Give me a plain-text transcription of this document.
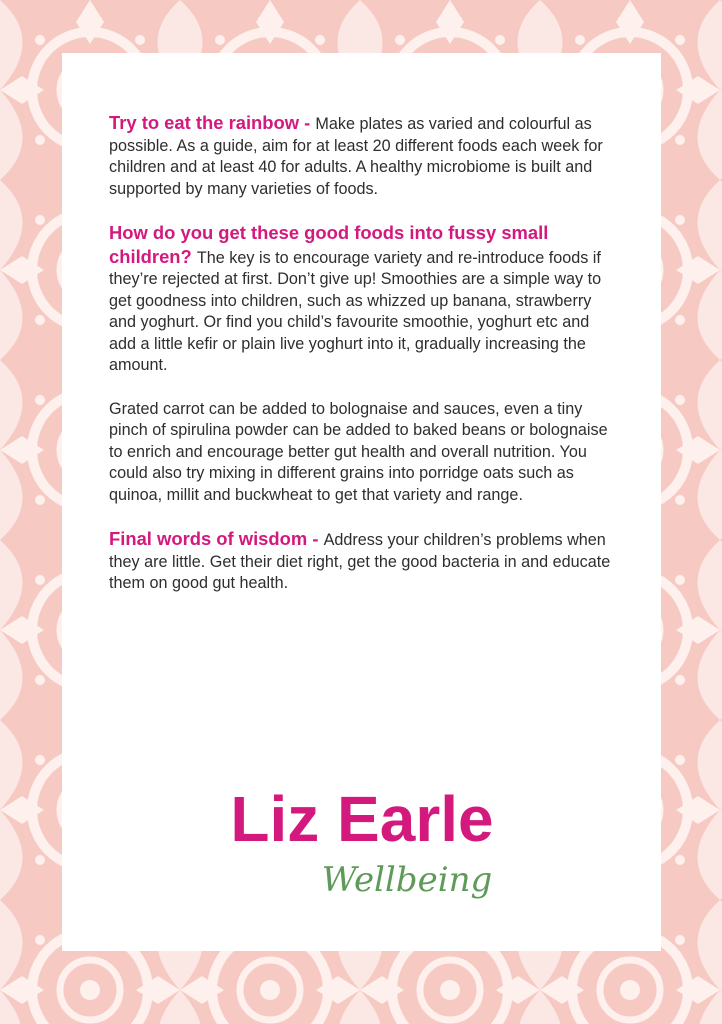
Try to eat the rainbow - Make plates as varied and colourful as possible. As a guide, aim for at least 20 different foods each week for children and at least 40 for adults. A healthy microbiome is built and supported by many varieties of foods.

How do you get these good foods into fussy small children? The key is to encourage variety and re-introduce foods if they’re rejected at first. Don’t give up! Smoothies are a simple way to get goodness into children, such as whizzed up banana, strawberry and yoghurt. Or find you child’s favourite smoothie, yoghurt etc and add a little kefir or plain live yoghurt into it, gradually increasing the amount.

Grated carrot can be added to bolognaise and sauces, even a tiny pinch of spirulina powder can be added to baked beans or bolognaise to enrich and encourage better gut health and overall nutrition. You could also try mixing in different grains into porridge oats such as quinoa, millit and buckwheat to get that variety and range.

Final words of wisdom - Address your children’s problems when they are little. Get their diet right, get the good bacteria in and educate them on good gut health.

Liz Earle
Wellbeing
